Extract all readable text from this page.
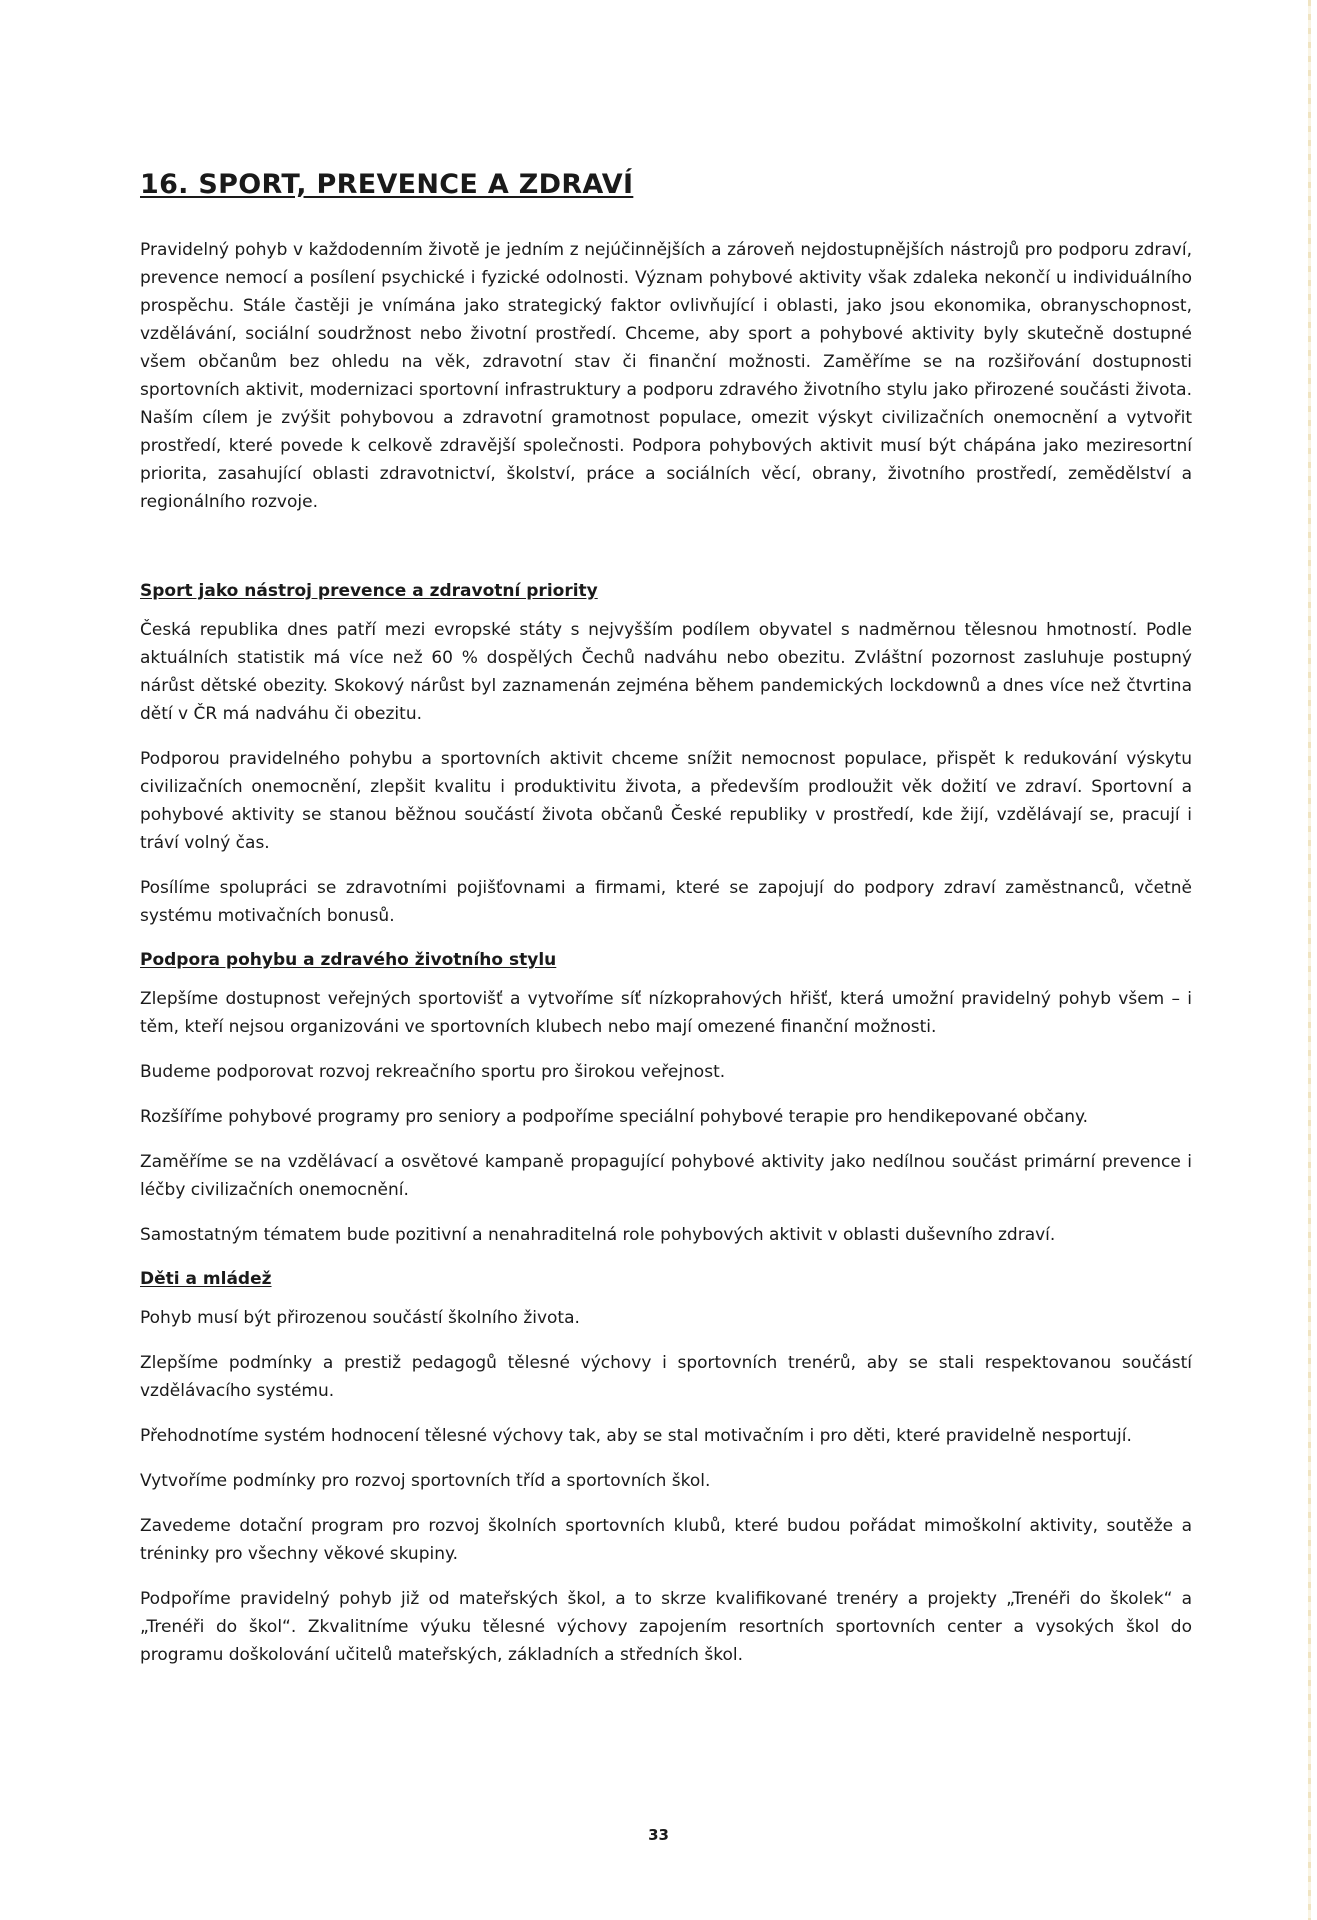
16. SPORT, PREVENCE A ZDRAVÍ

Pravidelný pohyb v každodenním životě je jedním z nejúčinnějších a zároveň nejdostupnějších nástrojů pro podporu zdraví, prevence nemocí a posílení psychické i fyzické odolnosti. Význam pohybové aktivity však zdaleka nekončí u individuálního prospěchu. Stále častěji je vnímána jako strategický faktor ovlivňující i oblasti, jako jsou ekonomika, obranyschopnost, vzdělávání, sociální soudržnost nebo životní prostředí. Chceme, aby sport a pohybové aktivity byly skutečně dostupné všem občanům bez ohledu na věk, zdravotní stav či finanční možnosti. Zaměříme se na rozšiřování dostupnosti sportovních aktivit, modernizaci sportovní infrastruktury a podporu zdravého životního stylu jako přirozené součásti života. Naším cílem je zvýšit pohybovou a zdravotní gramotnost populace, omezit výskyt civilizačních onemocnění a vytvořit prostředí, které povede k celkově zdravější společnosti. Podpora pohybových aktivit musí být chápána jako meziresortní priorita, zasahující oblasti zdravotnictví, školství, práce a sociálních věcí, obrany, životního prostředí, zemědělství a regionálního rozvoje.

Sport jako nástroj prevence a zdravotní priority

Česká republika dnes patří mezi evropské státy s nejvyšším podílem obyvatel s nadměrnou tělesnou hmotností. Podle aktuálních statistik má více než 60 % dospělých Čechů nadváhu nebo obezitu. Zvláštní pozornost zasluhuje postupný nárůst dětské obezity. Skokový nárůst byl zaznamenán zejména během pandemických lockdownů a dnes více než čtvrtina dětí v ČR má nadváhu či obezitu.

Podporou pravidelného pohybu a sportovních aktivit chceme snížit nemocnost populace, přispět k redukování výskytu civilizačních onemocnění, zlepšit kvalitu i produktivitu života, a především prodloužit věk dožití ve zdraví. Sportovní a pohybové aktivity se stanou běžnou součástí života občanů České republiky v prostředí, kde žijí, vzdělávají se, pracují i tráví volný čas.

Posílíme spolupráci se zdravotními pojišťovnami a firmami, které se zapojují do podpory zdraví zaměstnanců, včetně systému motivačních bonusů.

Podpora pohybu a zdravého životního stylu

Zlepšíme dostupnost veřejných sportovišť a vytvoříme síť nízkoprahových hřišť, která umožní pravidelný pohyb všem – i těm, kteří nejsou organizováni ve sportovních klubech nebo mají omezené finanční možnosti.

Budeme podporovat rozvoj rekreačního sportu pro širokou veřejnost.

Rozšíříme pohybové programy pro seniory a podpoříme speciální pohybové terapie pro hendikepované občany.

Zaměříme se na vzdělávací a osvětové kampaně propagující pohybové aktivity jako nedílnou součást primární prevence i léčby civilizačních onemocnění.

Samostatným tématem bude pozitivní a nenahraditelná role pohybových aktivit v oblasti duševního zdraví.

Děti a mládež

Pohyb musí být přirozenou součástí školního života.

Zlepšíme podmínky a prestiž pedagogů tělesné výchovy i sportovních trenérů, aby se stali respektovanou součástí vzdělávacího systému.

Přehodnotíme systém hodnocení tělesné výchovy tak, aby se stal motivačním i pro děti, které pravidelně nesportují.

Vytvoříme podmínky pro rozvoj sportovních tříd a sportovních škol.

Zavedeme dotační program pro rozvoj školních sportovních klubů, které budou pořádat mimoškolní aktivity, soutěže a tréninky pro všechny věkové skupiny.

Podpoříme pravidelný pohyb již od mateřských škol, a to skrze kvalifikované trenéry a projekty „Trenéři do školek“ a „Trenéři do škol“. Zkvalitníme výuku tělesné výchovy zapojením resortních sportovních center a vysokých škol do programu doškolování učitelů mateřských, základních a středních škol.

33
